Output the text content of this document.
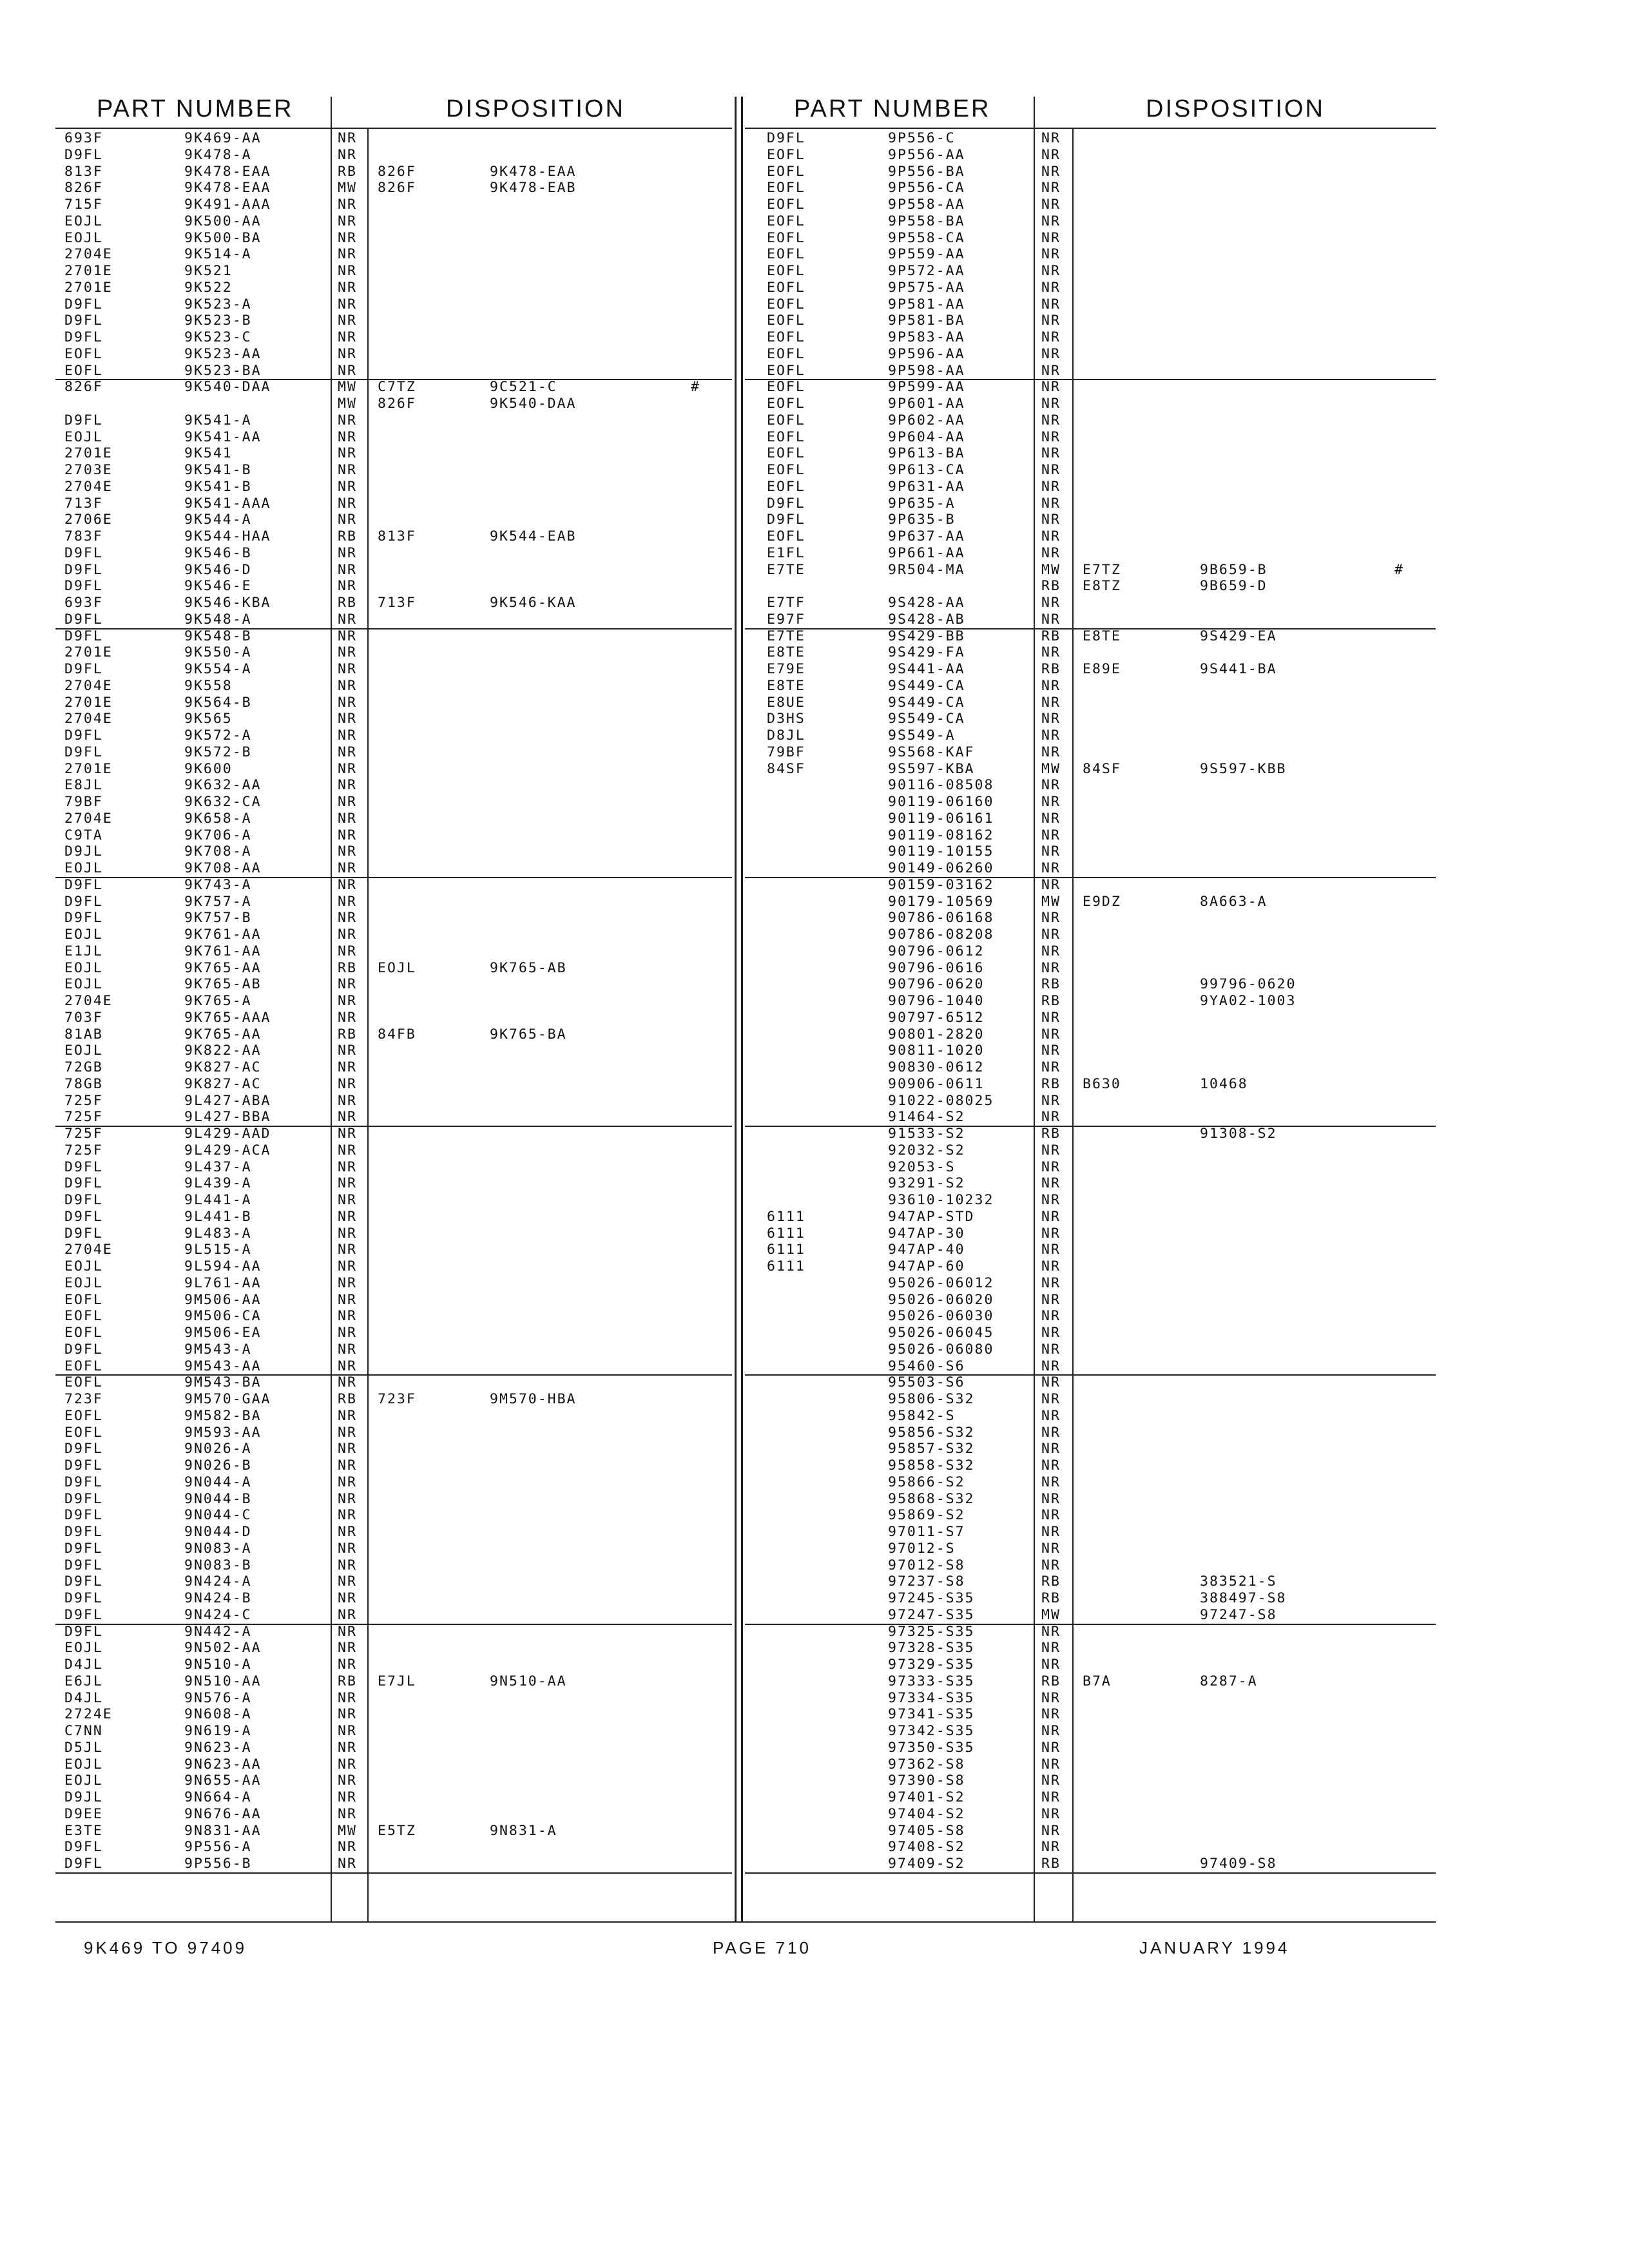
PART NUMBER	DISPOSITION	PART NUMBER	DISPOSITION
693F	9K469-AA	NR
D9FL	9K478-A	NR
813F	9K478-EAA	RB 826F	9K478-EAA
826F	9K478-EAA	MW 826F	9K478-EAB
715F	9K491-AAA	NR
EOJL	9K500-AA	NR
EOJL	9K500-BA	NR
2704E	9K514-A	NR
2701E	9K521	NR
2701E	9K522	NR
D9FL	9K523-A	NR
D9FL	9K523-B	NR
D9FL	9K523-C	NR
EOFL	9K523-AA	NR
EOFL	9K523-BA	NR
826F	9K540-DAA	MW C7TZ	9C521-C	#
MW 826F	9K540-DAA
D9FL	9K541-A	NR
EOJL	9K541-AA	NR
2701E	9K541	NR
2703E	9K541-B	NR
2704E	9K541-B	NR
713F	9K541-AAA	NR
2706E	9K544-A	NR
783F	9K544-HAA	RB 813F	9K544-EAB
D9FL	9K546-B	NR
D9FL	9K546-D	NR
D9FL	9K546-E	NR
693F	9K546-KBA	RB 713F	9K546-KAA
D9FL	9K548-A	NR
D9FL	9K548-B	NR
2701E	9K550-A	NR
D9FL	9K554-A	NR
2704E	9K558	NR
2701E	9K564-B	NR
2704E	9K565	NR
D9FL	9K572-A	NR
D9FL	9K572-B	NR
2701E	9K600	NR
E8JL	9K632-AA	NR
79BF	9K632-CA	NR
2704E	9K658-A	NR
C9TA	9K706-A	NR
D9JL	9K708-A	NR
EOJL	9K708-AA	NR
D9FL	9K743-A	NR
D9FL	9K757-A	NR
D9FL	9K757-B	NR
EOJL	9K761-AA	NR
E1JL	9K761-AA	NR
EOJL	9K765-AA	RB EOJL	9K765-AB
EOJL	9K765-AB	NR
2704E	9K765-A	NR
703F	9K765-AAA	NR
81AB	9K765-AA	RB 84FB	9K765-BA
EOJL	9K822-AA	NR
72GB	9K827-AC	NR
78GB	9K827-AC	NR
725F	9L427-ABA	NR
725F	9L427-BBA	NR
725F	9L429-AAD	NR
725F	9L429-ACA	NR
D9FL	9L437-A	NR
D9FL	9L439-A	NR
D9FL	9L441-A	NR
D9FL	9L441-B	NR
D9FL	9L483-A	NR
2704E	9L515-A	NR
EOJL	9L594-AA	NR
EOJL	9L761-AA	NR
EOFL	9M506-AA	NR
EOFL	9M506-CA	NR
EOFL	9M506-EA	NR
D9FL	9M543-A	NR
EOFL	9M543-AA	NR
EOFL	9M543-BA	NR
723F	9M570-GAA	RB 723F	9M570-HBA
EOFL	9M582-BA	NR
EOFL	9M593-AA	NR
D9FL	9N026-A	NR
D9FL	9N026-B	NR
D9FL	9N044-A	NR
D9FL	9N044-B	NR
D9FL	9N044-C	NR
D9FL	9N044-D	NR
D9FL	9N083-A	NR
D9FL	9N083-B	NR
D9FL	9N424-A	NR
D9FL	9N424-B	NR
D9FL	9N424-C	NR
D9FL	9N442-A	NR
EOJL	9N502-AA	NR
D4JL	9N510-A	NR
E6JL	9N510-AA	RB E7JL	9N510-AA
D4JL	9N576-A	NR
2724E	9N608-A	NR
C7NN	9N619-A	NR
D5JL	9N623-A	NR
EOJL	9N623-AA	NR
EOJL	9N655-AA	NR
D9JL	9N664-A	NR
D9EE	9N676-AA	NR
E3TE	9N831-AA	MW E5TZ	9N831-A
D9FL	9P556-A	NR
D9FL	9P556-B	NR
D9FL	9P556-C	NR
EOFL	9P556-AA	NR
EOFL	9P556-BA	NR
EOFL	9P556-CA	NR
EOFL	9P558-AA	NR
EOFL	9P558-BA	NR
EOFL	9P558-CA	NR
EOFL	9P559-AA	NR
EOFL	9P572-AA	NR
EOFL	9P575-AA	NR
EOFL	9P581-AA	NR
EOFL	9P581-BA	NR
EOFL	9P583-AA	NR
EOFL	9P596-AA	NR
EOFL	9P598-AA	NR
EOFL	9P599-AA	NR
EOFL	9P601-AA	NR
EOFL	9P602-AA	NR
EOFL	9P604-AA	NR
EOFL	9P613-BA	NR
EOFL	9P613-CA	NR
EOFL	9P631-AA	NR
D9FL	9P635-A	NR
D9FL	9P635-B	NR
EOFL	9P637-AA	NR
E1FL	9P661-AA	NR
E7TE	9R504-MA	MW E7TZ	9B659-B	#
RB E8TZ	9B659-D
E7TF	9S428-AA	NR
E97F	9S428-AB	NR
E7TE	9S429-BB	RB E8TE	9S429-EA
E8TE	9S429-FA	NR
E79E	9S441-AA	RB E89E	9S441-BA
E8TE	9S449-CA	NR
E8UE	9S449-CA	NR
D3HS	9S549-CA	NR
D8JL	9S549-A	NR
79BF	9S568-KAF	NR
84SF	9S597-KBA	MW 84SF	9S597-KBB
90116-08508	NR
90119-06160	NR
90119-06161	NR
90119-08162	NR
90119-10155	NR
90149-06260	NR
90159-03162	NR
90179-10569	MW E9DZ	8A663-A
90786-06168	NR
90786-08208	NR
90796-0612	NR
90796-0616	NR
90796-0620	RB	99796-0620
90796-1040	RB	9YA02-1003
90797-6512	NR
90801-2820	NR
90811-1020	NR
90830-0612	NR
90906-0611	RB B630	10468
91022-08025	NR
91464-S2	NR
91533-S2	RB	91308-S2
92032-S2	NR
92053-S	NR
93291-S2	NR
93610-10232	NR
6111	947AP-STD	NR
6111	947AP-30	NR
6111	947AP-40	NR
6111	947AP-60	NR
95026-06012	NR
95026-06020	NR
95026-06030	NR
95026-06045	NR
95026-06080	NR
95460-S6	NR
95503-S6	NR
95806-S32	NR
95842-S	NR
95856-S32	NR
95857-S32	NR
95858-S32	NR
95866-S2	NR
95868-S32	NR
95869-S2	NR
97011-S7	NR
97012-S	NR
97012-S8	NR
97237-S8	RB	383521-S
97245-S35	RB	388497-S8
97247-S35	MW	97247-S8
97325-S35	NR
97328-S35	NR
97329-S35	NR
97333-S35	RB B7A	8287-A
97334-S35	NR
97341-S35	NR
97342-S35	NR
97350-S35	NR
97362-S8	NR
97390-S8	NR
97401-S2	NR
97404-S2	NR
97405-S8	NR
97408-S2	NR
97409-S2	RB	97409-S8
9K469 TO 97409	PAGE 710	JANUARY 1994
